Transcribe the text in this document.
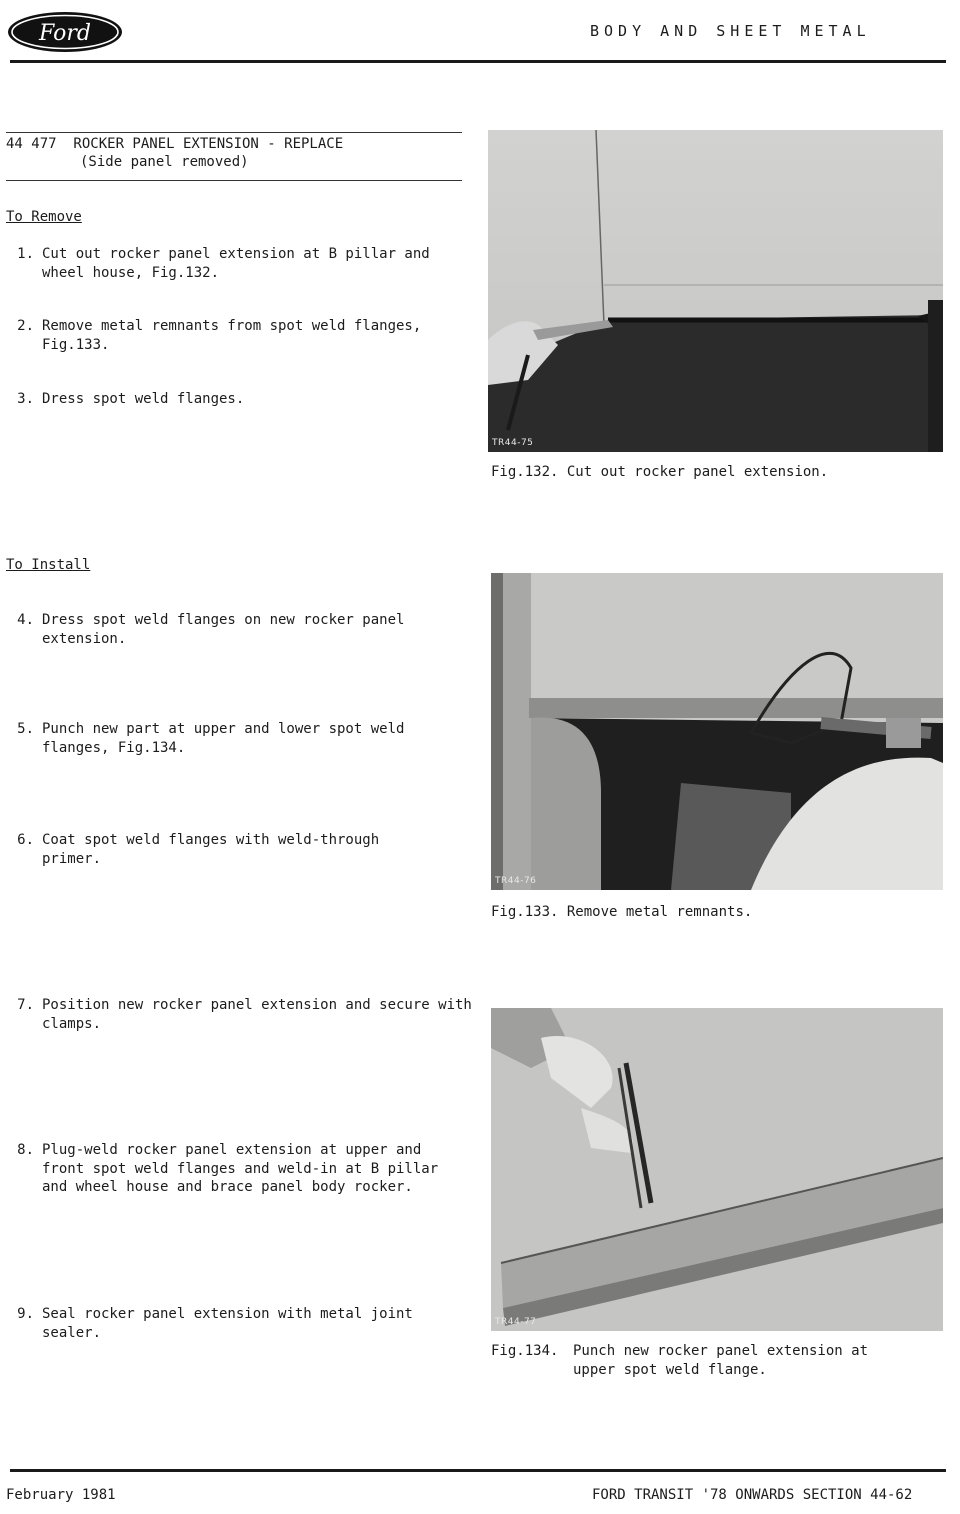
Ford	BODY AND SHEET METAL
44 477  ROCKER PANEL EXTENSION - REPLACE
(Side panel removed)
To Remove
1. Cut out rocker panel extension at B pillar and wheel house, Fig.132.
2. Remove metal remnants from spot weld flanges, Fig.133.
3. Dress spot weld flanges.
To Install
4. Dress spot weld flanges on new rocker panel extension.
5. Punch new part at upper and lower spot weld flanges, Fig.134.
6. Coat spot weld flanges with weld-through primer.
7. Position new rocker panel extension and secure with clamps.
8. Plug-weld rocker panel extension at upper and front spot weld flanges and weld-in at B pillar and wheel house and brace panel body rocker.
9. Seal rocker panel extension with metal joint sealer.
TR44-75
Fig.132. Cut out rocker panel extension.
TR44-76
Fig.133. Remove metal remnants.
TR44-77
Fig.134. Punch new rocker panel extension at upper spot weld flange.
February 1981	FORD TRANSIT '78 ONWARDS SECTION 44-62
